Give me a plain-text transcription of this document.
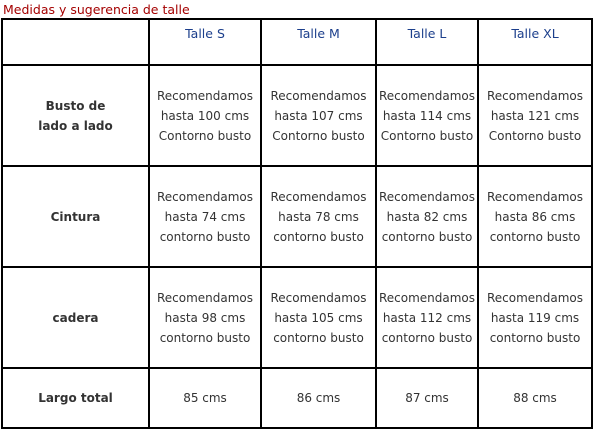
Medidas y sugerencia de talle
	Talle S	Talle M	Talle L	Talle XL

Busto de
lado a lado	Recomendamos
hasta 100 cms
Contorno busto	Recomendamos
hasta 107 cms
Contorno busto	Recomendamos
hasta 114 cms
Contorno busto	Recomendamos
hasta 121 cms
Contorno busto

Cintura	Recomendamos
hasta 74 cms
contorno busto	Recomendamos
hasta 78 cms
contorno busto	Recomendamos
hasta 82 cms
contorno busto	Recomendamos
hasta 86 cms
contorno busto

cadera	Recomendamos
hasta 98 cms
contorno busto	Recomendamos
hasta 105 cms
contorno busto	Recomendamos
hasta 112 cms
contorno busto	Recomendamos
hasta 119 cms
contorno busto

Largo total	85 cms	86 cms	87 cms	88 cms
